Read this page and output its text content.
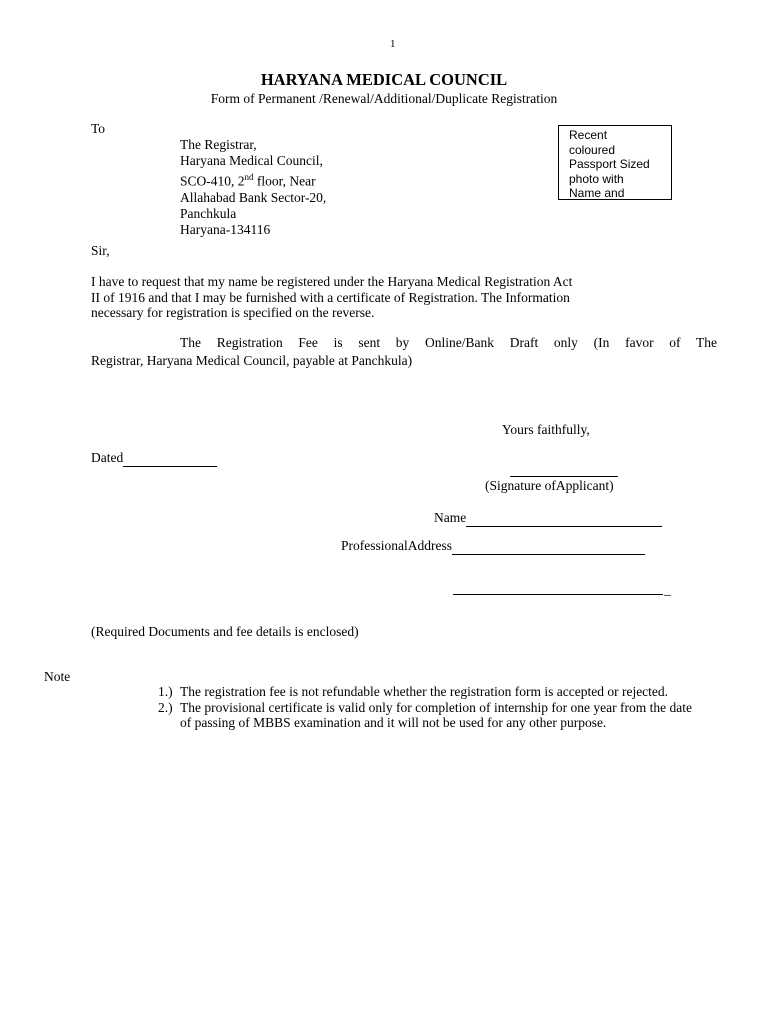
1
HARYANA MEDICAL COUNCIL
Form of Permanent /Renewal/Additional/Duplicate Registration
To
The Registrar,
Haryana Medical Council,
SCO-410, 2nd floor, Near
Allahabad Bank Sector-20,
Panchkula
Haryana-134116
Recent
coloured
Passport Sized
photo with
Name and
Sir,
I have to request that my name be registered under the Haryana Medical Registration Act
II of 1916 and that I may be furnished with a certificate of Registration. The Information
necessary for registration is specified on the reverse.
The Registration Fee is sent by Online/Bank Draft only (In favor of The
Registrar, Haryana Medical Council, payable at Panchkula)
Yours faithfully,
Dated
(Signature ofApplicant)
Name
ProfessionalAddress
_
(Required Documents and fee details is enclosed)
Note
1.) The registration fee is not refundable whether the registration form is accepted or rejected.
2.) The provisional certificate is valid only for completion of internship for one year from the date of passing of MBBS examination and it will not be used for any other purpose.
